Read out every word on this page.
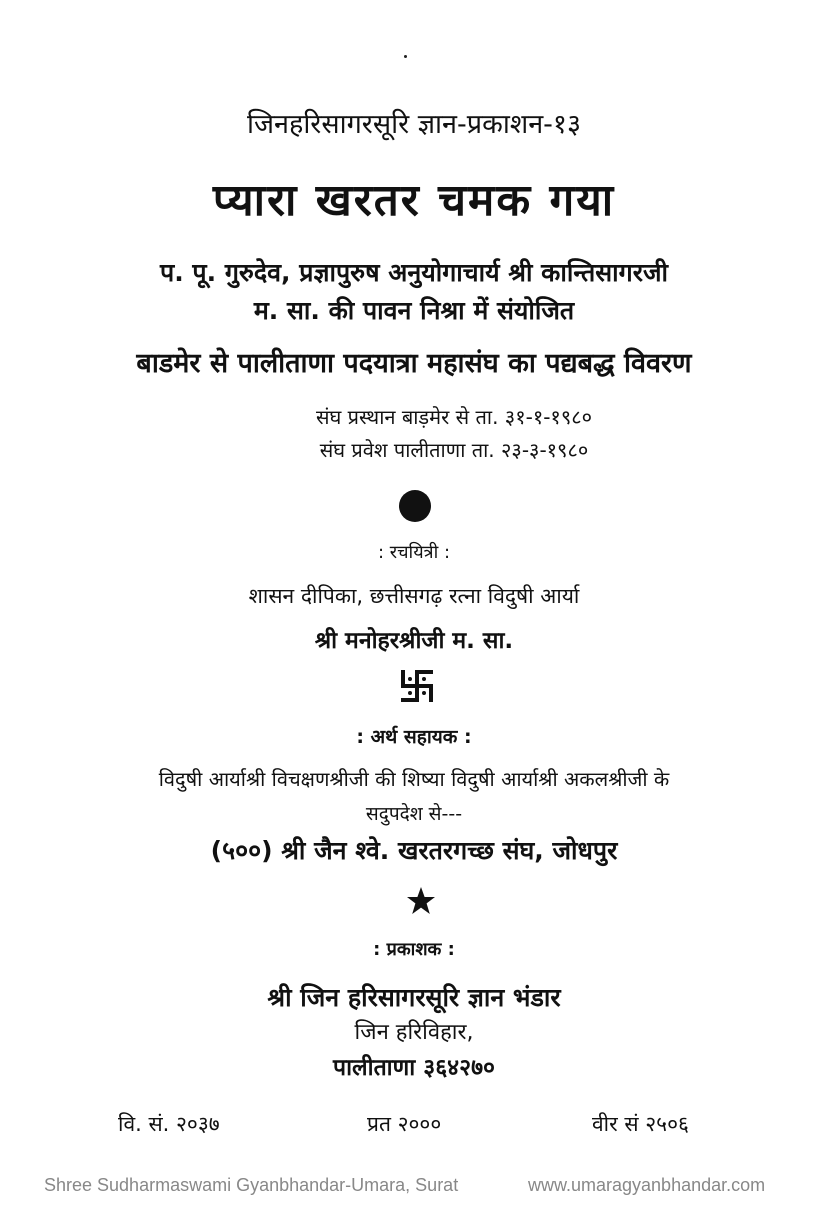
जिनहरिसागरसूरि ज्ञान-प्रकाशन-१३
प्यारा खरतर चमक गया
प. पू. गुरुदेव, प्रज्ञापुरुष अनुयोगाचार्य श्री कान्तिसागरजी
म. सा. की पावन निश्रा में संयोजित
बाडमेर से पालीताणा पदयात्रा महासंघ का पद्यबद्ध विवरण
संघ प्रस्थान बाड़मेर से ता. ३१-१-१९८०
संघ प्रवेश पालीताणा ता. २३-३-१९८०
: रचयित्री :
शासन दीपिका, छत्तीसगढ़ रत्ना विदुषी आर्या
श्री मनोहरश्रीजी म. सा.
: अर्थ सहायक :
विदुषी आर्याश्री विचक्षणश्रीजी की शिष्या विदुषी आर्याश्री अकलश्रीजी के
सदुपदेश से---
(५००) श्री जैन श्वे. खरतरगच्छ संघ, जोधपुर
: प्रकाशक :
श्री जिन हरिसागरसूरि ज्ञान भंडार
जिन हरिविहार,
पालीताणा ३६४२७०
वि. सं. २०३७	प्रत २०००	वीर सं २५०६
Shree Sudharmaswami Gyanbhandar-Umara, Surat	www.umaragyanbhandar.com
